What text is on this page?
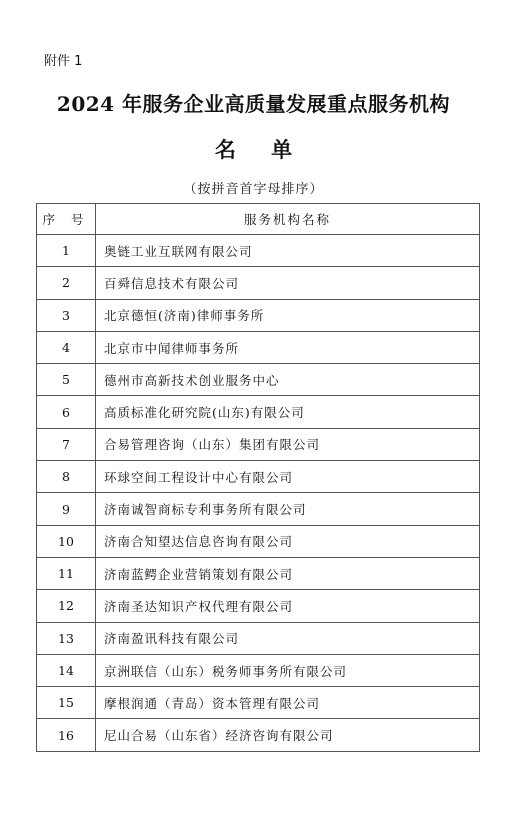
附件 1
2024 年服务企业高质量发展重点服务机构
名 单
（按拼音首字母排序）
序 号	服务机构名称
1	奥链工业互联网有限公司
2	百舜信息技术有限公司
3	北京德恒(济南)律师事务所
4	北京市中闻律师事务所
5	德州市高新技术创业服务中心
6	高质标准化研究院(山东)有限公司
7	合易管理咨询（山东）集团有限公司
8	环球空间工程设计中心有限公司
9	济南诚智商标专利事务所有限公司
10	济南合知望达信息咨询有限公司
11	济南蓝鳄企业营销策划有限公司
12	济南圣达知识产权代理有限公司
13	济南盈讯科技有限公司
14	京洲联信（山东）税务师事务所有限公司
15	摩根润通（青岛）资本管理有限公司
16	尼山合易（山东省）经济咨询有限公司
